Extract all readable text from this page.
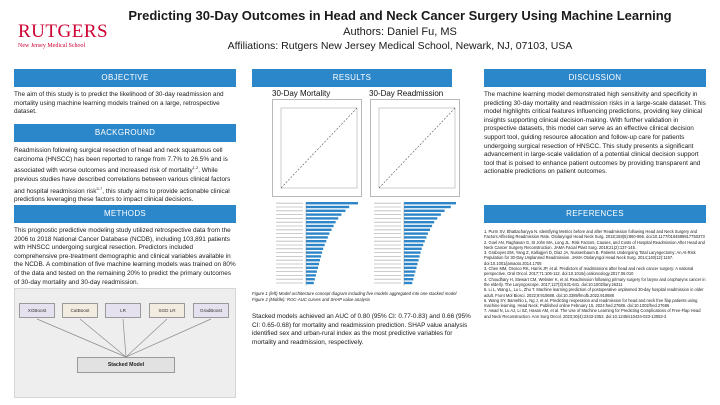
RUTGERS
New Jersey Medical School
Predicting 30-Day Outcomes in Head and Neck Cancer Surgery Using Machine Learning
Authors: Daniel Fu, MS
Affiliations: Rutgers New Jersey Medical School, Newark, NJ, 07103, USA
OBJECTIVE
The aim of this study is to predict the likelihood of 30-day readmission and mortality using machine learning models trained on a large, retrospective dataset.
BACKGROUND
Readmission following surgical resection of head and neck squamous cell carcinoma (HNSCC) has been reported to range from 7.7% to 26.5% and is associated with worse outcomes and increased risk of mortality$^{1,2}$. While previous studies have described correlations between various clinical factors and hospital readmission risk$^{3-7}$, this study aims to provide actionable clinical predictions leveraging these factors to impact clinical decisions.
METHODS
This prognostic predictive modeling study utilized retrospective data from the 2006 to 2018 National Cancer Database (NCDB), including 103,891 patients with HNSCC undergoing surgical resection. Predictors included comprehensive pre-treatment demographic and clinical variables available in the NCDB. A combination of five machine learning models was trained on 80% of the data and tested on the remaining 20% to predict the primary outcomes of 30-day mortality and 30-day readmission.
XGBoost	CatBoost	LR	SGD LR	GradBoost
Stacked Model
RESULTS
30-Day Mortality	30-Day Readmission
Figure 1 (left) Model architecture concept diagram including five models aggregated into one stacked model
Figure 2 (Middle): ROC-AUC curves and SHAP value analysis
Stacked models achieved an AUC of 0.80 (95% CI: 0.77-0.83) and 0.66 (95% CI: 0.65-0.68) for mortality and readmission prediction. SHAP value analysis identified sex and urban-rural index as the most predictive variables for mortality and readmission, respectively.
DISCUSSION
The machine learning model demonstrated high sensitivity and specificity in predicting 30-day mortality and readmission risks in a large-scale dataset. This model highlights critical features influencing predictions, providing key clinical insights supporting clinical decision-making. With further validation in prospective datasets, this model can serve as an effective clinical decision support tool, guiding resource allocation and follow-up care for patients undergoing surgical resection of HNSCC. This study presents a significant advancement in large-scale validation of a potential clinical decision support tool that is poised to enhance patient outcomes by providing transparent and actionable predictions on patient outcomes.
REFERENCES
1. Purm SV, Bhattacharyya N. Identifying Metrics before and after Readmission following Head and Neck Surgery and Factors Affecting Readmission Rate. Otolaryngol Head Neck Surg. 2018;158(5):860-866. doi:10.1177/0194599817750373
2. Goel AN, Raghavan G, St John MA, Long JL. Risk Factors, Causes, and Costs of Hospital Readmission After Head and Neck Cancer Surgery Reconstruction. JAMA Facial Plast Surg. 2019;21(2):137-145.
3. Graboyes EM, Yang Z, Kallogjeri D, Diaz JA, Nussenbaum B. Patients Undergoing Total Laryngectomy: An At-Risk Population for 30-Day Unplanned Readmission. JAMA Otolaryngol Head Neck Surg. 2014;140(12):1157. doi:10.1001/jamaoto.2014.1705
3. Chen MM, Orosco RK, Harris JP, et al. Predictors of readmissions after head and neck cancer surgery: A national perspective. Oral Oncol. 2017;71:106-112. doi:10.1016/j.oraloncology.2017.06.010
4. Choudhary H, Stewart CM, Webster K, et al. Readmission following primary surgery for larynx and oropharynx cancer in the elderly. The Laryngoscope. 2017;127(3):631-641. doi:10.1002/lary.26311
5. Li L, Wang L, Lu L, Zhu T. Machine learning prediction of postoperative unplanned 30-day hospital readmission in older adult. Front Mol Biosci. 2022;9:910688. doi:10.3389/fmolb.2022.910688
6. Wang SY, Bamehlo L, Ng J, et al. Predicting reoperation and readmission for head and neck free flap patients using machine learning. Head Neck. Published online February 15, 2024:hed.27686. doi:10.1002/hed.27686
7. Awad N, Lu AJ, Li SZ, Hasan AM, et al. The Use of Machine Learning for Predicting Complications of Free-Flap Head and Neck Reconstruction. Ann Surg Oncol. 2023;30(4):2343-2352. doi:10.1245/s10434-023-13053-3
